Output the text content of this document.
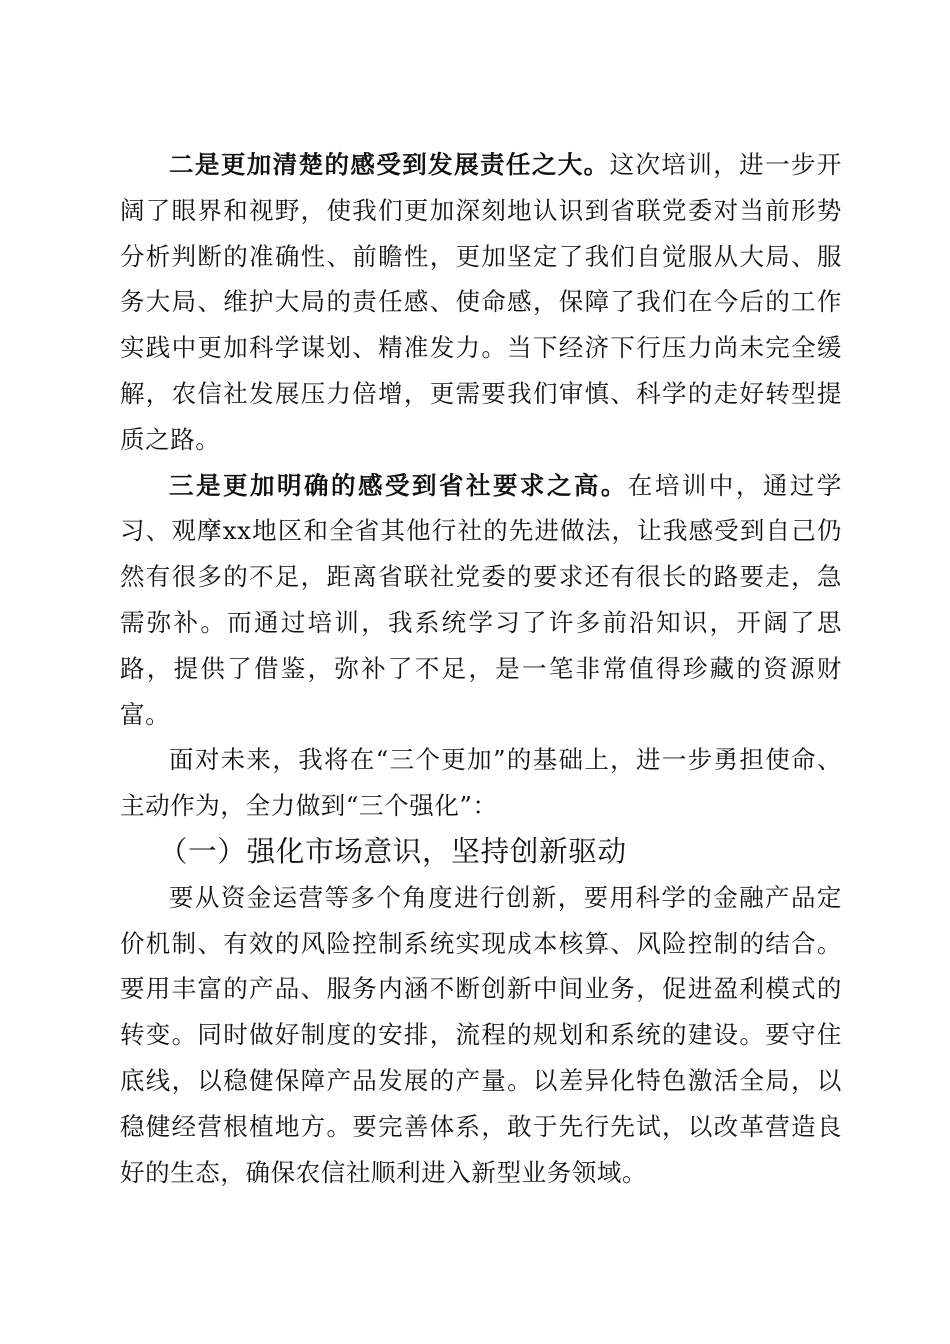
二是更加清楚的感受到发展责任之大。这次培训，进一步开阔了眼界和视野，使我们更加深刻地认识到省联党委对当前形势分析判断的准确性、前瞻性，更加坚定了我们自觉服从大局、服务大局、维护大局的责任感、使命感，保障了我们在今后的工作实践中更加科学谋划、精准发力。当下经济下行压力尚未完全缓解，农信社发展压力倍增，更需要我们审慎、科学的走好转型提质之路。

三是更加明确的感受到省社要求之高。在培训中，通过学习、观摩xx地区和全省其他行社的先进做法，让我感受到自己仍然有很多的不足，距离省联社党委的要求还有很长的路要走，急需弥补。而通过培训，我系统学习了许多前沿知识，开阔了思路，提供了借鉴，弥补了不足，是一笔非常值得珍藏的资源财富。

面对未来，我将在“三个更加”的基础上，进一步勇担使命、主动作为，全力做到“三个强化”：

（一）强化市场意识，坚持创新驱动

要从资金运营等多个角度进行创新，要用科学的金融产品定价机制、有效的风险控制系统实现成本核算、风险控制的结合。要用丰富的产品、服务内涵不断创新中间业务，促进盈利模式的转变。同时做好制度的安排，流程的规划和系统的建设。要守住底线，以稳健保障产品发展的产量。以差异化特色激活全局，以稳健经营根植地方。要完善体系，敢于先行先试，以改革营造良好的生态，确保农信社顺利进入新型业务领域。
